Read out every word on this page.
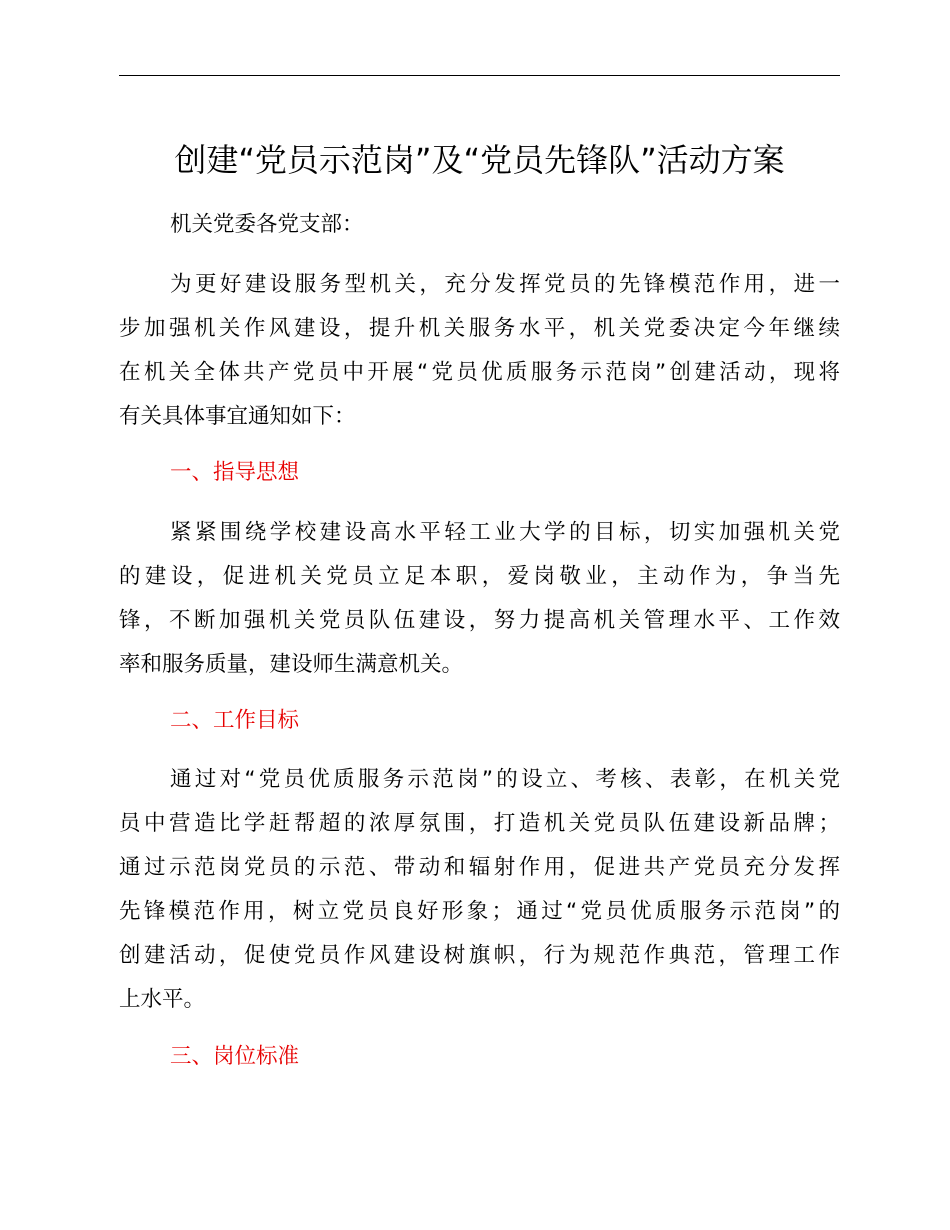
创建“党员示范岗”及“党员先锋队”活动方案

机关党委各党支部：

为更好建设服务型机关，充分发挥党员的先锋模范作用，进一

步加强机关作风建设，提升机关服务水平，机关党委决定今年继续

在机关全体共产党员中开展“党员优质服务示范岗”创建活动，现将

有关具体事宜通知如下：

一、指导思想

紧紧围绕学校建设高水平轻工业大学的目标，切实加强机关党

的建设，促进机关党员立足本职，爱岗敬业，主动作为，争当先

锋，不断加强机关党员队伍建设，努力提高机关管理水平、工作效

率和服务质量，建设师生满意机关。

二、工作目标

通过对“党员优质服务示范岗”的设立、考核、表彰，在机关党

员中营造比学赶帮超的浓厚氛围，打造机关党员队伍建设新品牌；

通过示范岗党员的示范、带动和辐射作用，促进共产党员充分发挥

先锋模范作用，树立党员良好形象；通过“党员优质服务示范岗”的

创建活动，促使党员作风建设树旗帜，行为规范作典范，管理工作

上水平。

三、岗位标准
